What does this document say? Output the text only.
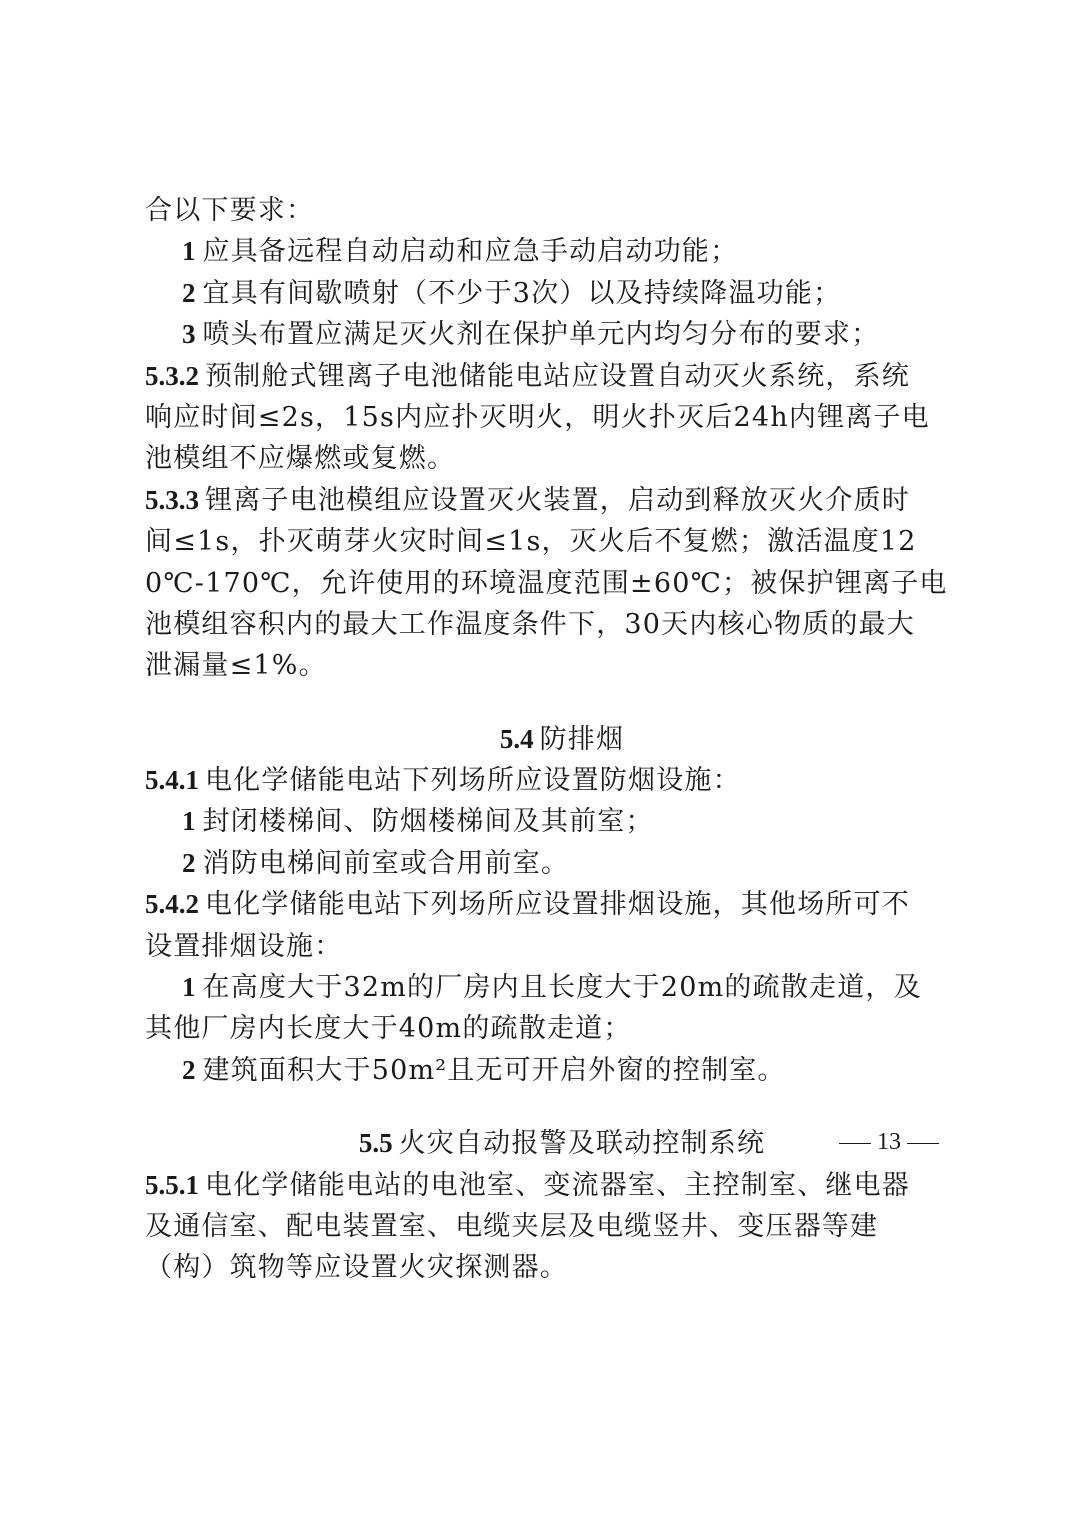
合以下要求：
1 应具备远程自动启动和应急手动启动功能；
2 宜具有间歇喷射（不少于3次）以及持续降温功能；
3 喷头布置应满足灭火剂在保护单元内均匀分布的要求；
5.3.2 预制舱式锂离子电池储能电站应设置自动灭火系统，系统
响应时间≤2s，15s内应扑灭明火，明火扑灭后24h内锂离子电
池模组不应爆燃或复燃。
5.3.3 锂离子电池模组应设置灭火装置，启动到释放灭火介质时
间≤1s，扑灭萌芽火灾时间≤1s，灭火后不复燃；激活温度12
0℃-170℃，允许使用的环境温度范围±60℃；被保护锂离子电
池模组容积内的最大工作温度条件下，30天内核心物质的最大
泄漏量≤1%。
5.4 防排烟
5.4.1 电化学储能电站下列场所应设置防烟设施：
1 封闭楼梯间、防烟楼梯间及其前室；
2 消防电梯间前室或合用前室。
5.4.2 电化学储能电站下列场所应设置排烟设施，其他场所可不
设置排烟设施：
1 在高度大于32m的厂房内且长度大于20m的疏散走道，及
其他厂房内长度大于40m的疏散走道；
2 建筑面积大于50m²且无可开启外窗的控制室。
5.5 火灾自动报警及联动控制系统
5.5.1 电化学储能电站的电池室、变流器室、主控制室、继电器
及通信室、配电装置室、电缆夹层及电缆竖井、变压器等建
（构）筑物等应设置火灾探测器。
13
